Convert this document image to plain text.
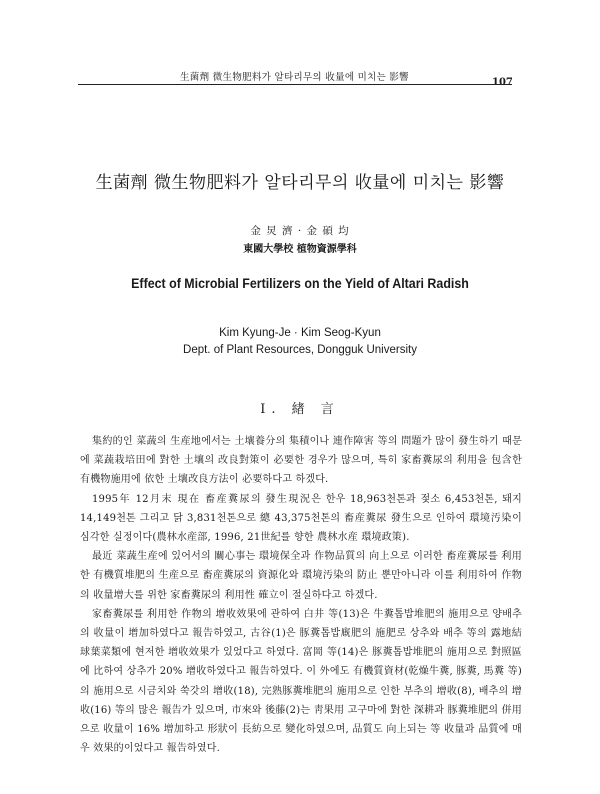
生菌劑 微生物肥料가 알타리무의 收量에 미치는 影響	107
生菌劑 微生物肥料가 알타리무의 收量에 미치는 影響
金 炅 濟 · 金 碩 均
東國大學校 植物資源學科
Effect of Microbial Fertilizers on the Yield of Altari Radish
Kim Kyung-Je · Kim Seog-Kyun
Dept. of Plant Resources, Dongguk University
I. 緖 言

集約的인 菜蔬의 生産地에서는 土壤養分의 集積이나 連作障害 等의 問題가 많이 發生하기 때문에 菜蔬栽培田에 對한 土壤의 改良對策이 必要한 경우가 많으며, 특히 家畜糞尿의 利用을 包含한 有機物施用에 依한 土壤改良方法이 必要하다고 하겠다.

1995年 12月末 現在 畜産糞尿의 發生現況은 한우 18,963천톤과 젖소 6,453천톤, 돼지 14,149천톤 그리고 닭 3,831천톤으로 總 43,375천톤의 畜産糞尿 發生으로 인하여 環境汚染이 심각한 실정이다(農林水産部, 1996, 21世紀를 향한 農林水産 環境政策).

最近 菜蔬生産에 있어서의 關心事는 環境保全과 作物品質의 向上으로 이러한 畜産糞尿를 利用한 有機質堆肥의 生産으로 畜産糞尿의 資源化와 環境汚染의 防止 뿐만아니라 이를 利用하여 作物의 收量增大를 위한 家畜糞尿의 利用性 確立이 절실하다고 하겠다.

家畜糞尿를 利用한 作物의 增收效果에 관하여 白井 等(13)은 牛糞톱밥堆肥의 施用으로 양배추의 收量이 增加하였다고 報告하였고, 古谷(1)은 豚糞톱밥廐肥의 施肥로 상추와 배추 等의 露地結球葉菜類에 현저한 增收效果가 있었다고 하였다. 富岡 等(14)은 豚糞톱밥堆肥의 施用으로 對照區에 比하여 상추가 20% 增收하였다고 報告하였다. 이 外에도 有機質資材(乾燥牛糞, 豚糞, 馬糞 等)의 施用으로 시금치와 쑥갓의 增收(18), 完熟豚糞堆肥의 施用으로 인한 부추의 增收(8), 배추의 增收(16) 等의 많은 報告가 있으며, 市來와 後藤(2)는 靑果用 고구마에 對한 深耕과 豚糞堆肥의 併用으로 收量이 16% 增加하고 形狀이 長紡으로 變化하였으며, 品質도 向上되는 等 收量과 品質에 매우 效果的이었다고 報告하였다.
